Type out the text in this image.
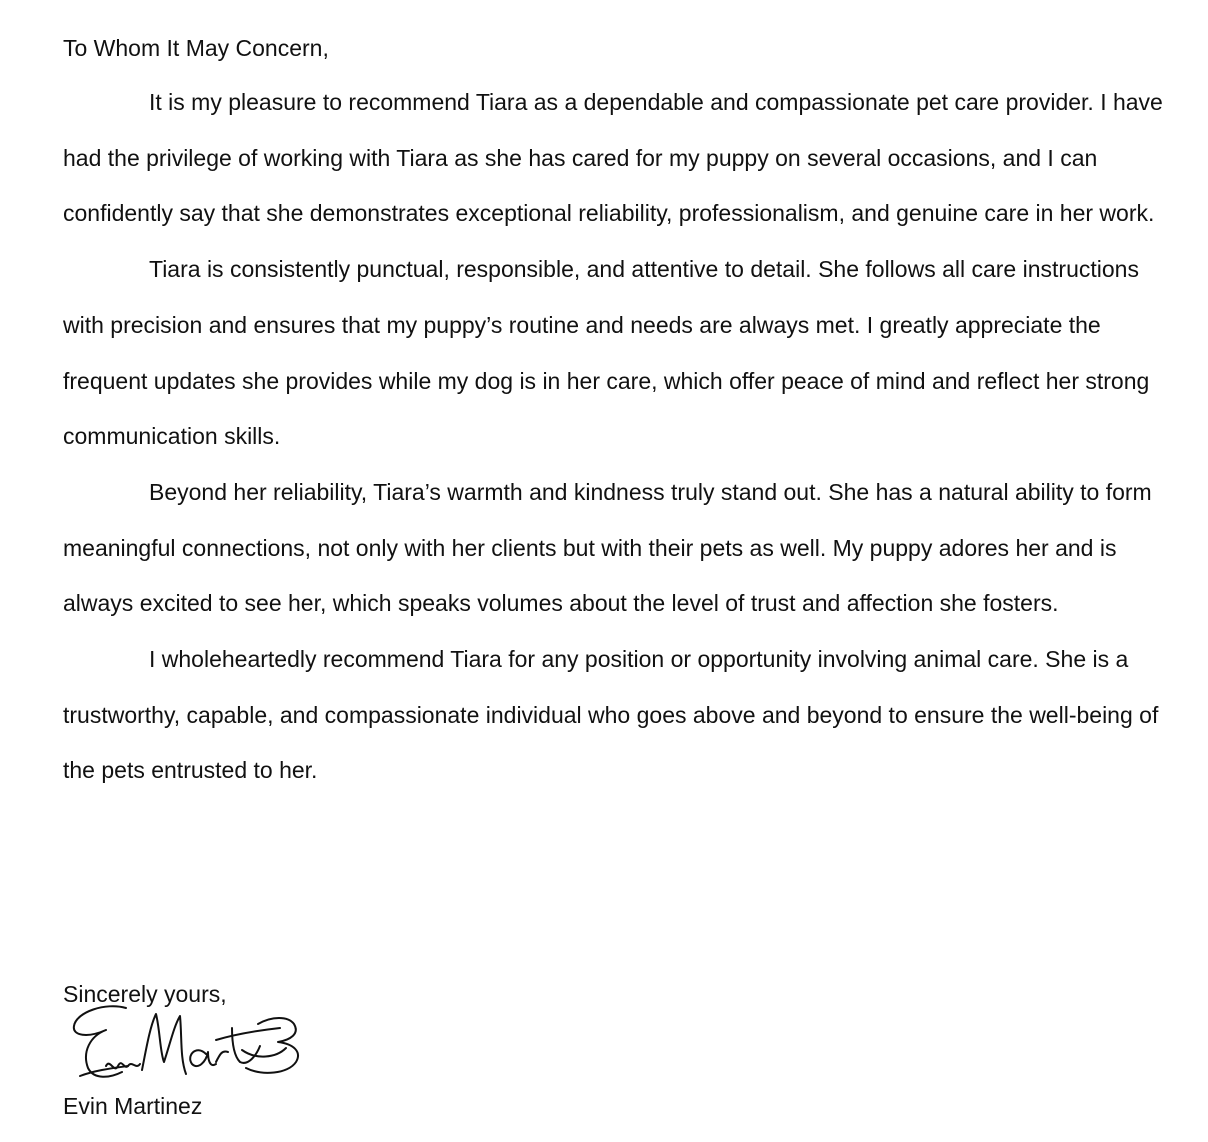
To Whom It May Concern,

It is my pleasure to recommend Tiara as a dependable and compassionate pet care provider. I have had the privilege of working with Tiara as she has cared for my puppy on several occasions, and I can confidently say that she demonstrates exceptional reliability, professionalism, and genuine care in her work.

Tiara is consistently punctual, responsible, and attentive to detail. She follows all care instructions with precision and ensures that my puppy’s routine and needs are always met. I greatly appreciate the frequent updates she provides while my dog is in her care, which offer peace of mind and reflect her strong communication skills.

Beyond her reliability, Tiara’s warmth and kindness truly stand out. She has a natural ability to form meaningful connections, not only with her clients but with their pets as well. My puppy adores her and is always excited to see her, which speaks volumes about the level of trust and affection she fosters.

I wholeheartedly recommend Tiara for any position or opportunity involving animal care. She is a trustworthy, capable, and compassionate individual who goes above and beyond to ensure the well-being of the pets entrusted to her.

Sincerely yours,

Evin Martinez
